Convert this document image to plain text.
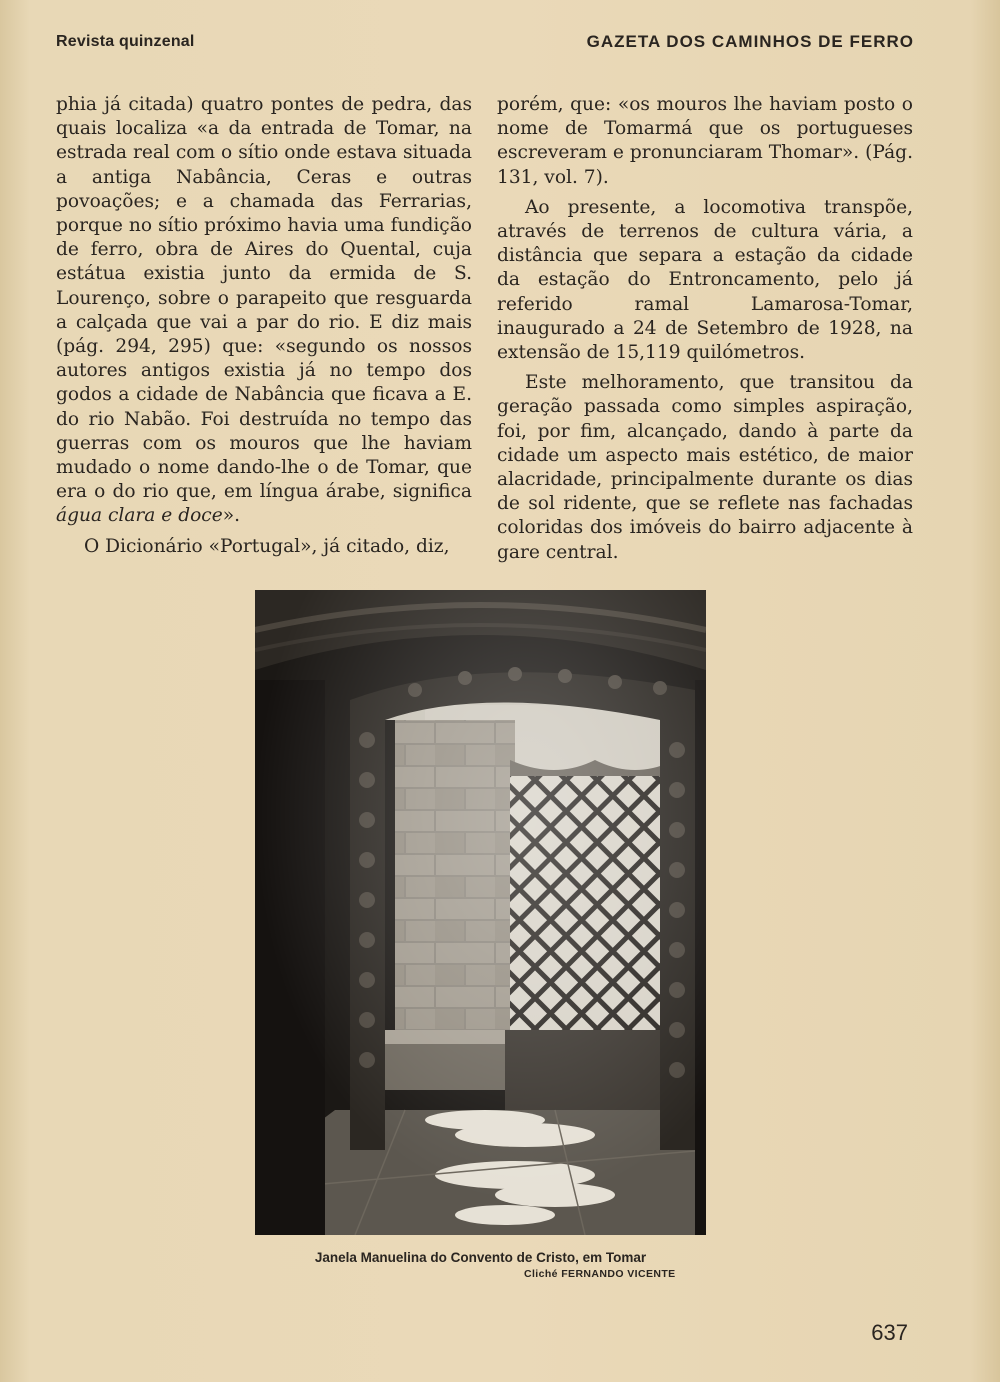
Revista quinzenal	GAZETA DOS CAMINHOS DE FERRO

phia já citada) quatro pontes de pedra, das quais localiza «a da entrada de Tomar, na estrada real com o sítio onde estava situada a antiga Nabância, Ceras e outras povoações; e a chamada das Ferrarias, porque no sítio próximo havia uma fundição de ferro, obra de Aires do Quental, cuja estátua existia junto da ermida de S. Lourenço, sobre o parapeito que resguarda a calçada que vai a par do rio. E diz mais (pág. 294, 295) que: «segundo os nossos autores antigos existia já no tempo dos godos a cidade de Nabância que ficava a E. do rio Nabão. Foi destruída no tempo das guerras com os mouros que lhe haviam mudado o nome dando-lhe o de Tomar, que era o do rio que, em língua árabe, significa água clara e doce».

O Dicionário «Portugal», já citado, diz,

porém, que: «os mouros lhe haviam posto o nome de Tomarmá que os portugueses escreveram e pronunciaram Thomar». (Pág. 131, vol. 7).

Ao presente, a locomotiva transpõe, através de terrenos de cultura vária, a distância que separa a estação da cidade da estação do Entroncamento, pelo já referido ramal Lamarosa-Tomar, inaugurado a 24 de Setembro de 1928, na extensão de 15,119 quilómetros.

Este melhoramento, que transitou da geração passada como simples aspiração, foi, por fim, alcançado, dando à parte da cidade um aspecto mais estético, de maior alacridade, principalmente durante os dias de sol ridente, que se reflete nas fachadas coloridas dos imóveis do bairro adjacente à gare central.

Janela Manuelina do Convento de Cristo, em Tomar
Cliché FERNANDO VICENTE
637
